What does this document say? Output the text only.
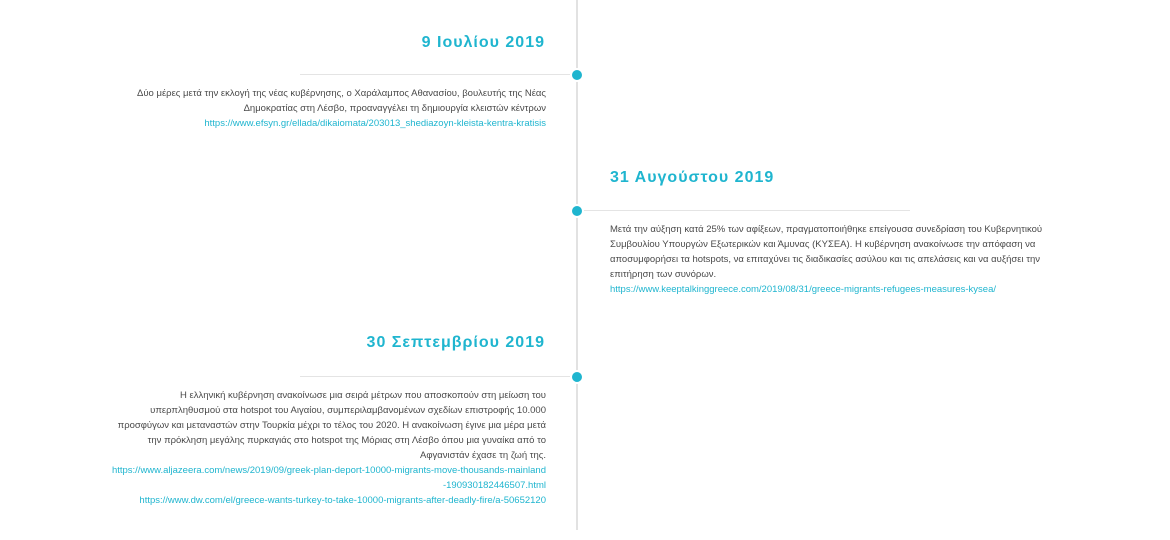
9 Ιουλίου 2019
Δύο μέρες μετά την εκλογή της νέας κυβέρνησης, ο Χαράλαμπος Αθανασίου, βουλευτής της Νέας Δημοκρατίας στη Λέσβο, προαναγγέλει τη δημιουργία κλειστών κέντρων
https://www.efsyn.gr/ellada/dikaiomata/203013_shediazoyn-kleista-kentra-kratisis
31 Αυγούστου 2019
Μετά την αύξηση κατά 25% των αφίξεων, πραγματοποιήθηκε επείγουσα συνεδρίαση του Κυβερνητικού Συμβουλίου Υπουργών Εξωτερικών και Άμυνας (ΚΥΣΕΑ). Η κυβέρνηση ανακοίνωσε την απόφαση να αποσυμφορήσει τα hotspots, να επιταχύνει τις διαδικασίες ασύλου και τις απελάσεις και να αυξήσει την επιτήρηση των συνόρων.
https://www.keeptalkinggreece.com/2019/08/31/greece-migrants-refugees-measures-kysea/
30 Σεπτεμβρίου 2019
Η ελληνική κυβέρνηση ανακοίνωσε μια σειρά μέτρων που αποσκοπούν στη μείωση του υπερπληθυσμού στα hotspot του Αιγαίου, συμπεριλαμβανομένων σχεδίων επιστροφής 10.000 προσφύγων και μεταναστών στην Τουρκία μέχρι το τέλος του 2020. Η ανακοίνωση έγινε μια μέρα μετά την πρόκληση μεγάλης πυρκαγιάς στο hotspot της Μόριας στη Λέσβο όπου μια γυναίκα από το Αφγανιστάν έχασε τη ζωή της.
https://www.aljazeera.com/news/2019/09/greek-plan-deport-10000-migrants-move-thousands-mainland-190930182446507.html
https://www.dw.com/el/greece-wants-turkey-to-take-10000-migrants-after-deadly-fire/a-50652120
